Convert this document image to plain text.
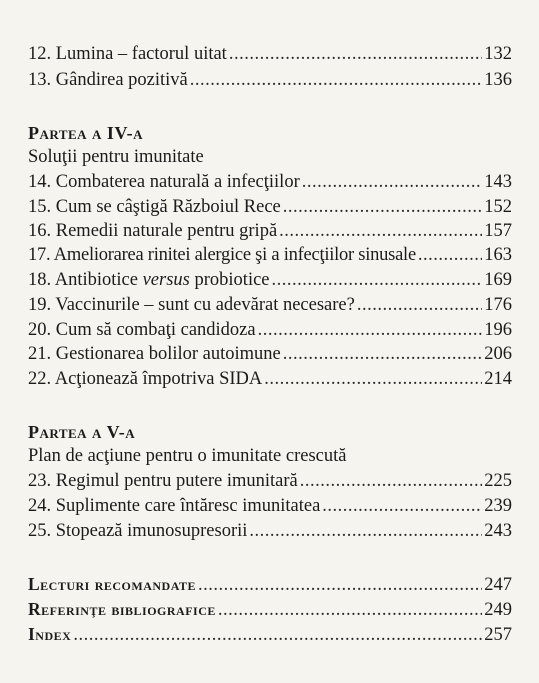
12. Lumina – factorul uitat .....	132
13. Gândirea pozitivă .....	136
Partea a IV-a
Soluţii pentru imunitate
14. Combaterea naturală a infecţiilor .....	143
15. Cum se câştigă Războiul Rece .....	152
16. Remedii naturale pentru gripă .....	157
17. Ameliorarea rinitei alergice şi a infecţiilor sinusale .....	163
18. Antibiotice versus probiotice .....	169
19. Vaccinurile – sunt cu adevărat necesare? .....	176
20. Cum să combaţi candidoza .....	196
21. Gestionarea bolilor autoimune .....	206
22. Acţionează împotriva SIDA .....	214
Partea a V-a
Plan de acţiune pentru o imunitate crescută
23. Regimul pentru putere imunitară .....	225
24. Suplimente care întăresc imunitatea .....	239
25. Stopează imunosupresorii .....	243
Lecturi recomandate .....	247
Referinţe bibliografice .....	249
Index .....	257
